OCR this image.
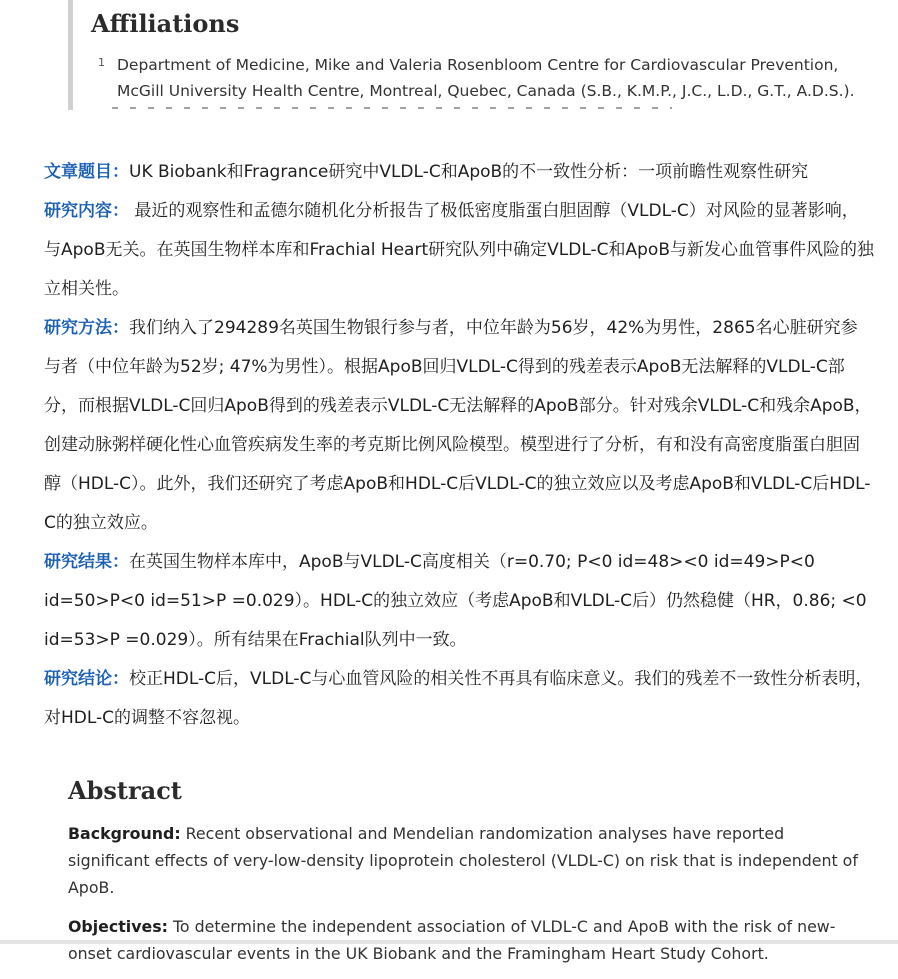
Affiliations
1 Department of Medicine, Mike and Valeria Rosenbloom Centre for Cardiovascular Prevention, McGill University Health Centre, Montreal, Quebec, Canada (S.B., K.M.P., J.C., L.D., G.T., A.D.S.).

文章题目：UK Biobank和Fragrance研究中VLDL-C和ApoB的不一致性分析：一项前瞻性观察性研究

研究内容： 最近的观察性和孟德尔随机化分析报告了极低密度脂蛋白胆固醇（VLDL-C）对风险的显著影响，与ApoB无关。在英国生物样本库和Frachial Heart研究队列中确定VLDL-C和ApoB与新发心血管事件风险的独立相关性。

研究方法：我们纳入了294289名英国生物银行参与者，中位年龄为56岁，42%为男性，2865名心脏研究参与者（中位年龄为52岁; 47%为男性）。根据ApoB回归VLDL-C得到的残差表示ApoB无法解释的VLDL-C部分，而根据VLDL-C回归ApoB得到的残差表示VLDL-C无法解释的ApoB部分。针对残余VLDL-C和残余ApoB，创建动脉粥样硬化性心血管疾病发生率的考克斯比例风险模型。模型进行了分析，有和没有高密度脂蛋白胆固醇（HDL-C）。此外，我们还研究了考虑ApoB和HDL-C后VLDL-C的独立效应以及考虑ApoB和VLDL-C后HDL-C的独立效应。

研究结果：在英国生物样本库中，ApoB与VLDL-C高度相关（r=0.70; P<0 id=48><0 id=49>P<0 id=50>P<0 id=51>P =0.029）。HDL-C的独立效应（考虑ApoB和VLDL-C后）仍然稳健（HR，0.86; <0 id=53>P =0.029）。所有结果在Frachial队列中一致。

研究结论：校正HDL-C后，VLDL-C与心血管风险的相关性不再具有临床意义。我们的残差不一致性分析表明，对HDL-C的调整不容忽视。

Abstract

Background: Recent observational and Mendelian randomization analyses have reported significant effects of very-low-density lipoprotein cholesterol (VLDL-C) on risk that is independent of ApoB.

Objectives: To determine the independent association of VLDL-C and ApoB with the risk of new-onset cardiovascular events in the UK Biobank and the Framingham Heart Study Cohort.
